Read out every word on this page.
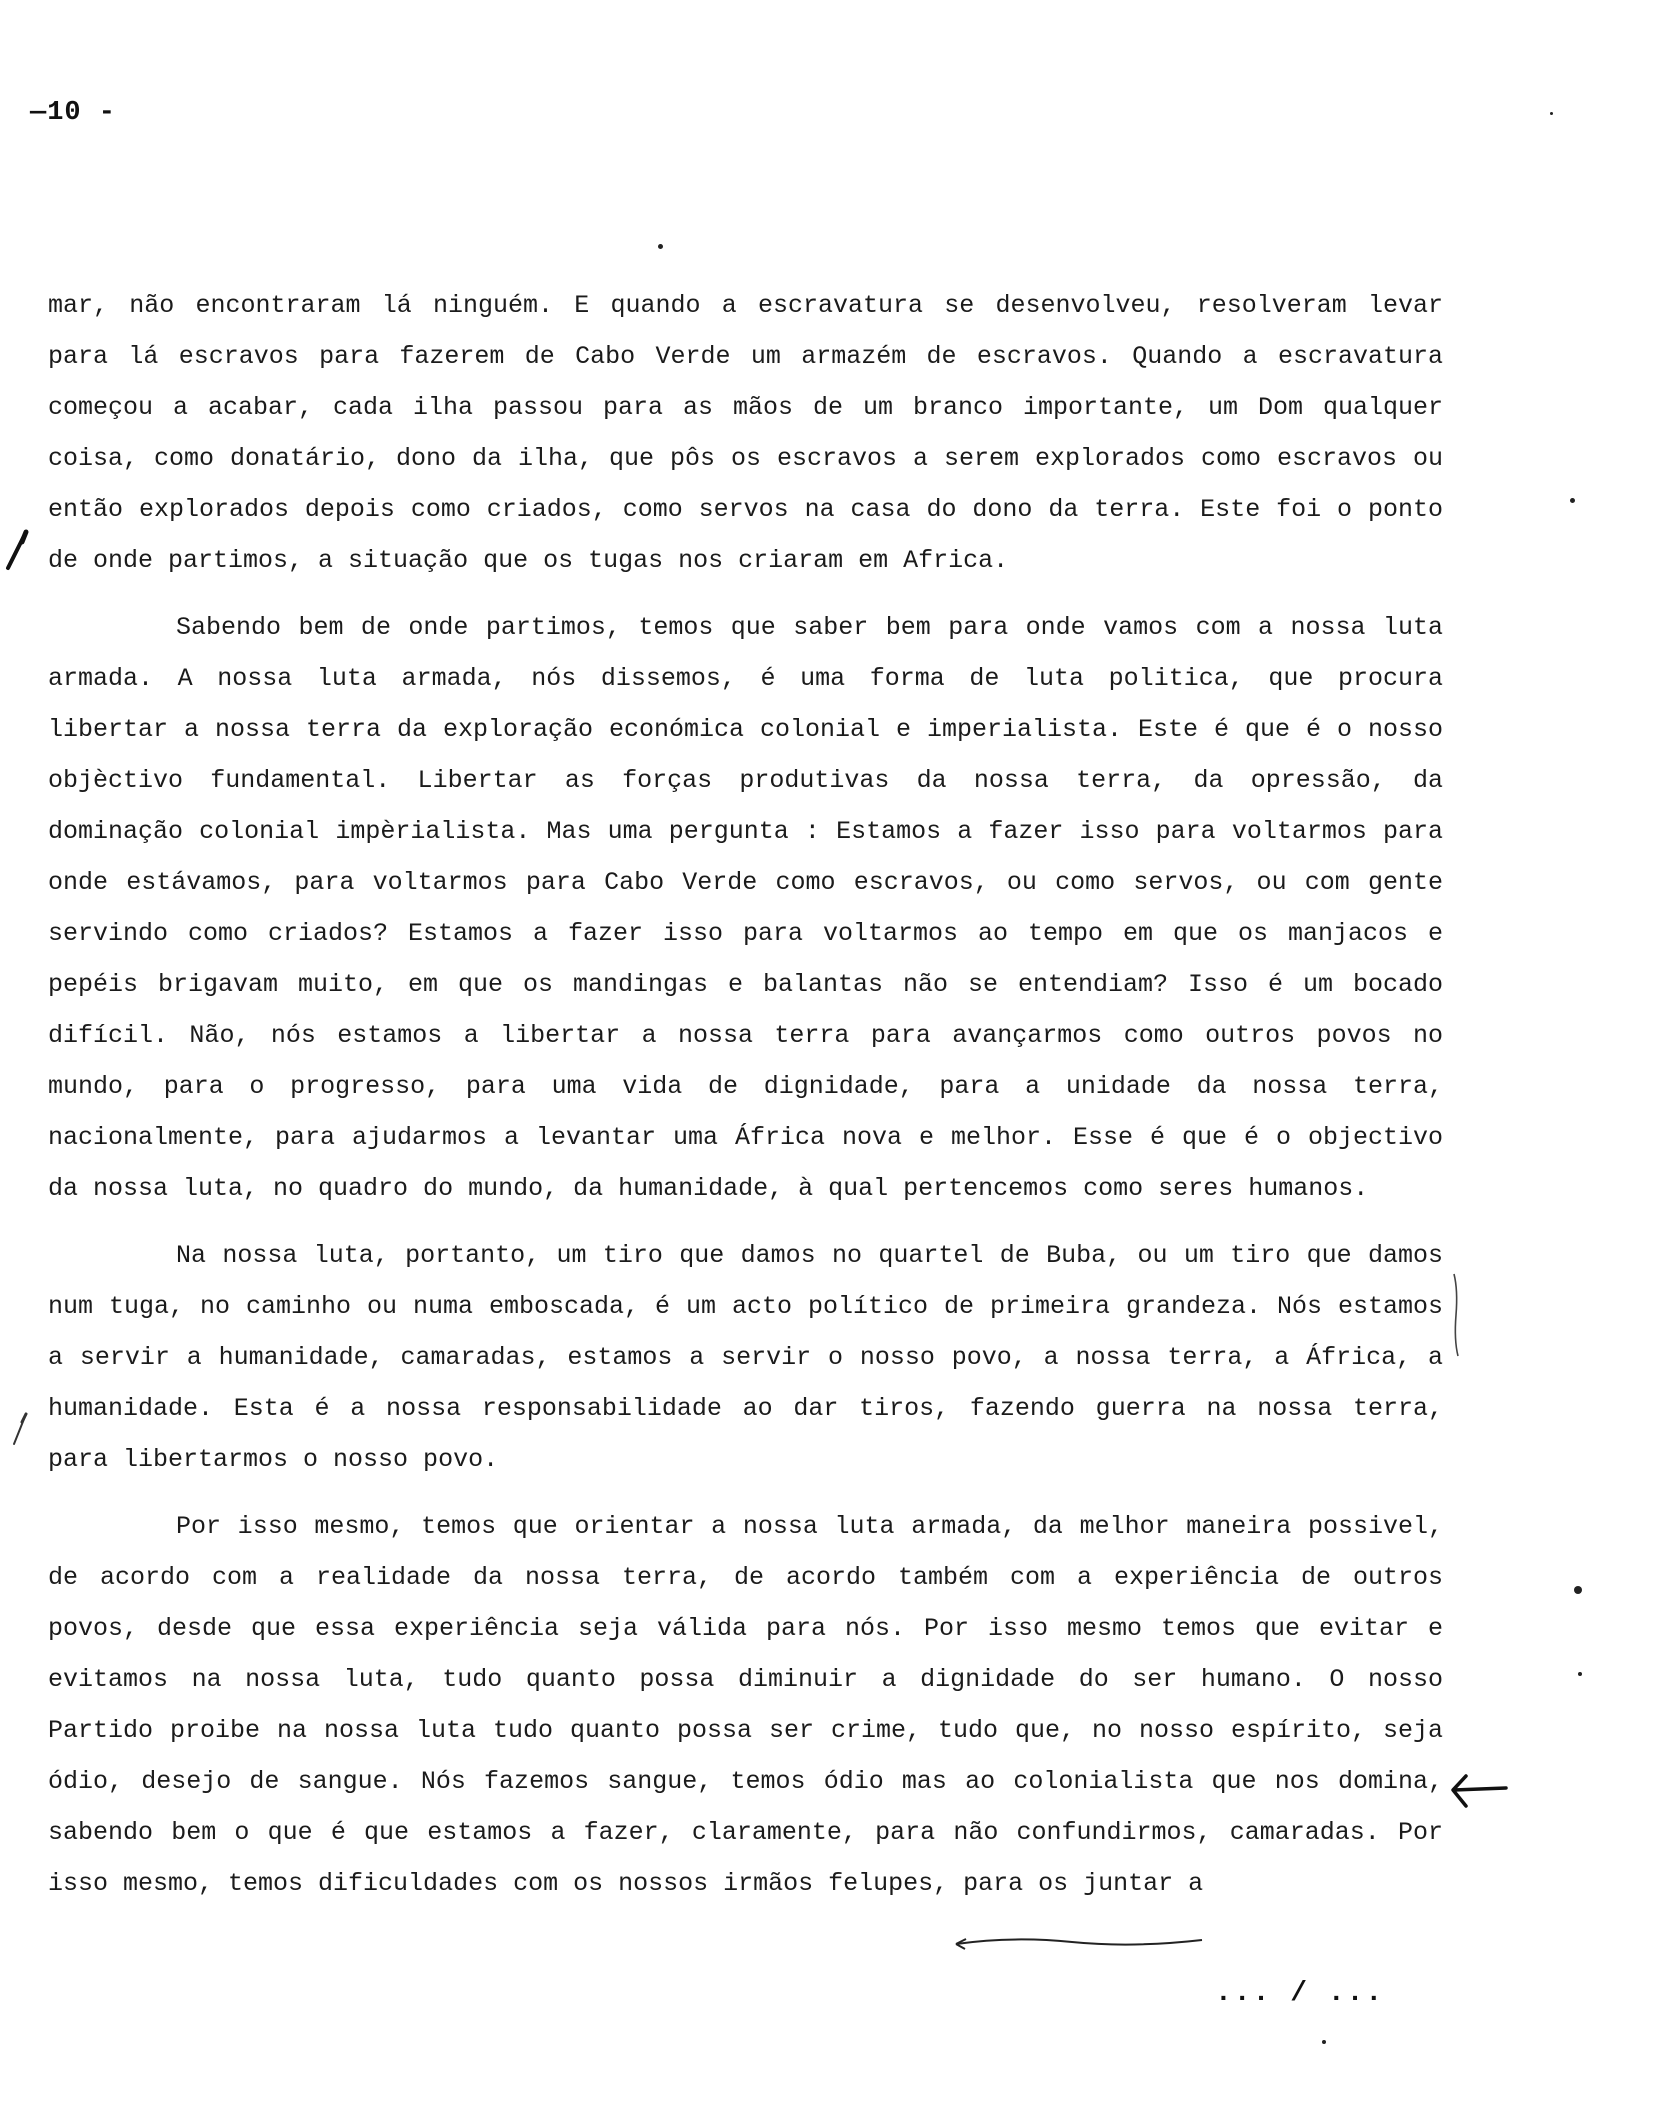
—10 -

mar, não encontraram lá ninguém. E quando a escravatura se desenvolveu, resolveram levar para lá escravos para fazerem de Cabo Verde um armazém de escravos. Quando a escravatura começou a acabar, cada ilha passou para as mãos de um branco importante, um Dom qualquer coisa, como donatário, dono da ilha, que pôs os escravos a serem explorados como escravos ou então explorados depois como criados, como servos na casa do dono da terra. Este foi o ponto de onde partimos, a situação que os tugas nos criaram em Africa.

Sabendo bem de onde partimos, temos que saber bem para onde vamos com a nossa luta armada. A nossa luta armada, nós dissemos, é uma forma de luta politica, que procura libertar a nossa terra da exploração económica colonial e imperialista. Este é que é o nosso objèctivo fundamental. Libertar as forças produtivas da nossa terra, da opressão, da dominação colonial impèrialista. Mas uma pergunta : Estamos a fazer isso para voltarmos para onde estávamos, para voltarmos para Cabo Verde como escravos, ou como servos, ou com gente servindo como criados? Estamos a fazer isso para voltarmos ao tempo em que os manjacos e pepéis brigavam muito, em que os mandingas e balantas não se entendiam? Isso é um bocado difícil. Não, nós estamos a libertar a nossa terra para avançarmos como outros povos no mundo, para o progresso, para uma vida de dignidade, para a unidade da nossa terra, nacionalmente, para ajudarmos a levantar uma África nova e melhor. Esse é que é o objectivo da nossa luta, no quadro do mundo, da humanidade, à qual pertencemos como seres humanos.

Na nossa luta, portanto, um tiro que damos no quartel de Buba, ou um tiro que damos num tuga, no caminho ou numa emboscada, é um acto político de primeira grandeza. Nós estamos a servir a humanidade, camaradas, estamos a servir o nosso povo, a nossa terra, a África, a humanidade. Esta é a nossa responsabilidade ao dar tiros, fazendo guerra na nossa terra, para libertarmos o nosso povo.

Por isso mesmo, temos que orientar a nossa luta armada, da melhor maneira possivel, de acordo com a realidade da nossa terra, de acordo também com a experiência de outros povos, desde que essa experiência seja válida para nós. Por isso mesmo temos que evitar e evitamos na nossa luta, tudo quanto possa diminuir a dignidade do ser humano. O nosso Partido proibe na nossa luta tudo quanto possa ser crime, tudo que, no nosso espírito, seja ódio, desejo de sangue. Nós fazemos sangue, temos ódio mas ao colonialista que nos domina, sabendo bem o que é que estamos a fazer, claramente, para não confundirmos, camaradas. Por isso mesmo, temos dificuldades com os nossos irmãos felupes, para os juntar a

... / ...
